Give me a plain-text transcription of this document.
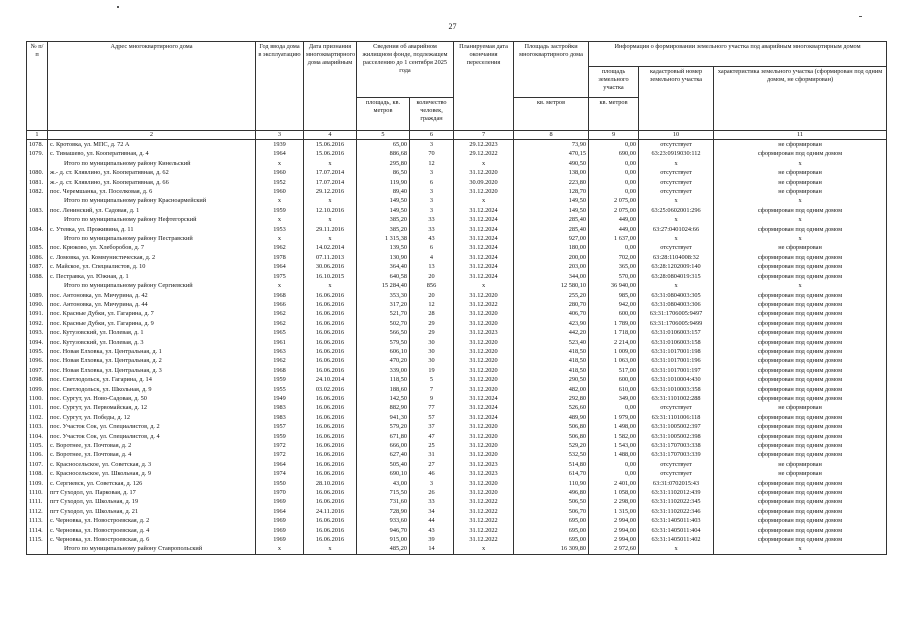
27
№ п/п	Адрес многоквартирного дома	Год ввода дома в эксплуатацию	Дата признания многоквартирного дома аварийным	Сведения об аварийном жилищном фонде, подлежащем расселению до 1 сентября 2025 года		Планируемая дата окончания переселения	Площадь застройки многоквартирного дома	Информация о формировании земельного участка под аварийным многоквартирным домом		
								площадь земельного участка	кадастровый номер земельного участка	характеристика земельного участка (сформирован под одним домом, не сформирован)
				площадь, кв. метров	количество человек, граждан		кв. метров	кв. метров		
1	2	3	4	5	6	7	8	9	10	11
1078.	с. Кротовка, ул. МПС, д. 72 А	1939	15.06.2016	65,00	3	29.12.2023	73,90	0,00	отсутствует	не сформирован
1079.	с. Тимашево, ул. Кооперативная, д. 4	1964	15.06.2016	886,68	70	29.12.2022	470,15	690,00	63:23:0919030:112	сформирован под одним домом
	Итого по муниципальному району Кинельский	х	х	295,80	12	х	490,50	0,00	х	х
1080.	ж.- д. ст. Клявлино, ул. Кооперативная, д. 62	1960	17.07.2014	86,50	3	31.12.2020	138,00	0,00	отсутствует	не сформирован
1081.	ж.- д. ст. Клявлино, ул. Кооперативная, д. 66	1952	17.07.2014	119,90	6	30.09.2020	223,80	0,00	отсутствует	не сформирован
1082.	пос. Черемшанка, ул. Поселковая, д. 6	1960	29.12.2016	89,40	3	31.12.2020	128,70	0,00	отсутствует	не сформирован
	Итого по муниципальному району Красноармейский	х	х	149,50	3	х	149,50	2 075,00	х	х
1083.	пос. Ленинский, ул. Садовая, д. 1	1959	12.10.2016	149,50	3	31.12.2024	149,50	2 075,00	63:25:0602001:296	сформирован под одним домом
	Итого по муниципальному району Нефтегорский	х	х	385,20	33	31.12.2024	285,40	449,00	х	х
1084.	с. Утевка, ул. Проживина, д. 11	1953	29.11.2016	385,20	33	31.12.2024	285,40	449,00	63:27:0401024:66	сформирован под одним домом
	Итого по муниципальному району Пестравский	х	х	1 315,38	43	31.12.2024	927,00	1 637,00	х	х
1085.	пос. Крюково, ул. Хлеборобов, д. 7	1962	14.02.2014	139,50	6	31.12.2024	180,00	0,00	отсутствует	не сформирован
1086.	с. Ломовка, ул. Коммунистическая, д. 2	1978	07.11.2013	130,90	4	31.12.2024	200,00	702,00	63:28:1104008:32	сформирован под одним домом
1087.	с. Майское, ул. Специалистов, д. 10	1964	30.06.2016	364,40	13	31.12.2024	203,00	365,00	63:28:1202009:140	сформирован под одним домом
1088.	с. Пестравка, ул. Южная, д. 1	1975	16.10.2015	640,58	20	31.12.2024	344,00	570,00	63:28:0804019:315	сформирован под одним домом
	Итого по муниципальному району Сергиевский	х	х	15 284,40	856	х	12 580,10	36 940,00	х	х
1089.	пос. Антоновка, ул. Мичурина, д. 42	1968	16.06.2016	353,30	20	31.12.2020	255,20	985,00	63:31:0804003:305	сформирован под одним домом
1090.	пос. Антоновка, ул. Мичурина, д. 44	1966	16.06.2016	317,20	12	31.12.2022	280,70	942,00	63:31:0804003:306	сформирован под одним домом
1091.	пос. Красные Дубки, ул. Гагарина, д. 7	1962	16.06.2016	521,70	28	31.12.2020	406,70	600,00	63:31:1706005:9497	сформирован под одним домом
1092.	пос. Красные Дубки, ул. Гагарина, д. 9	1962	16.06.2016	502,70	29	31.12.2020	423,90	1 789,00	63:31:1706005:9499	сформирован под одним домом
1093.	пос. Кутузовский, ул. Полевая, д. 1	1965	16.06.2016	566,50	29	31.12.2023	442,20	1 718,00	63:31:0106003:157	сформирован под одним домом
1094.	пос. Кутузовский, ул. Полевая, д. 3	1961	16.06.2016	579,50	30	31.12.2020	523,40	2 214,00	63:31:0106003:158	сформирован под одним домом
1095.	пос. Новая Елховка, ул. Центральная, д. 1	1963	16.06.2016	606,10	30	31.12.2020	418,50	1 009,00	63:31:1017001:198	сформирован под одним домом
1096.	пос. Новая Елховка, ул. Центральная, д. 2	1962	16.06.2016	470,20	30	31.12.2020	418,50	1 063,00	63:31:1017001:196	сформирован под одним домом
1097.	пос. Новая Елховка, ул. Центральная, д. 3	1968	16.06.2016	339,00	19	31.12.2020	418,50	517,00	63:31:1017001:197	сформирован под одним домом
1098.	пос. Светлодольск, ул. Гагарина, д. 14	1959	24.10.2014	118,50	5	31.12.2020	290,50	600,00	63:31:1010004:430	сформирован под одним домом
1099.	пос. Светлодольск, ул. Школьная, д. 9	1955	03.02.2016	188,60	7	31.12.2020	482,00	610,00	63:31:1010003:358	сформирован под одним домом
1100.	пос. Сургут, ул. Ново-Садовая, д. 50	1949	16.06.2016	142,50	9	31.12.2024	292,80	349,00	63:31:1101002:288	сформирован под одним домом
1101.	пос. Сургут, ул. Первомайская, д. 12	1983	16.06.2016	882,90	77	31.12.2024	526,60	0,00	отсутствует	не сформирован
1102.	пос. Сургут, ул. Победы, д. 12	1983	16.06.2016	941,30	57	31.12.2024	489,90	1 979,00	63:31:1101006:118	сформирован под одним домом
1103.	пос. Участок Сок, ул. Специалистов, д. 2	1957	16.06.2016	579,20	37	31.12.2020	506,80	1 498,00	63:31:1005002:397	сформирован под одним домом
1104.	пос. Участок Сок, ул. Специалистов, д. 4	1959	16.06.2016	671,80	47	31.12.2020	506,80	1 582,00	63:31:1005002:398	сформирован под одним домом
1105.	с. Воротнее, ул. Почтовая, д. 2	1972	16.06.2016	666,00	25	31.12.2020	529,20	1 543,00	63:31:1707003:338	сформирован под одним домом
1106.	с. Воротнее, ул. Почтовая, д. 4	1972	16.06.2016	627,40	31	31.12.2020	532,50	1 488,00	63:31:1707003:339	сформирован под одним домом
1107.	с. Красносельское, ул. Советская, д. 3	1964	16.06.2016	505,40	27	31.12.2023	514,80	0,00	отсутствует	не сформирован
1108.	с. Красносельское, ул. Школьная, д. 9	1974	16.06.2016	690,10	46	31.12.2023	614,70	0,00	отсутствует	не сформирован
1109.	с. Сергиевск, ул. Советская, д. 126	1950	28.10.2016	43,00	3	31.12.2020	110,90	2 401,00	63:31:0702015:43	сформирован под одним домом
1110.	пгт Суходол, ул. Парковая, д. 17	1970	16.06.2016	715,50	26	31.12.2020	496,80	1 058,00	63:31:1102012:439	сформирован под одним домом
1111.	пгт Суходол, ул. Школьная, д. 19	1969	16.06.2016	731,60	33	31.12.2022	506,50	2 298,00	63:31:1102022:345	сформирован под одним домом
1112.	пгт Суходол, ул. Школьная, д. 21	1964	24.11.2016	728,90	34	31.12.2022	506,70	1 315,00	63:31:1102022:346	сформирован под одним домом
1113.	с. Черновка, ул. Новостроевская, д. 2	1969	16.06.2016	933,60	44	31.12.2022	695,00	2 994,00	63:31:1405011:403	сформирован под одним домом
1114.	с. Черновка, ул. Новостроевская, д. 4	1969	16.06.2016	946,70	43	31.12.2022	695,00	2 994,00	63:31:1405011:404	сформирован под одним домом
1115.	с. Черновка, ул. Новостроевская, д. 6	1969	16.06.2016	915,00	39	31.12.2022	695,00	2 994,00	63:31:1405011:402	сформирован под одним домом
	Итого по муниципальному району Ставропольский	х	х	485,20	14	х	16 309,80	2 972,60	х	х
